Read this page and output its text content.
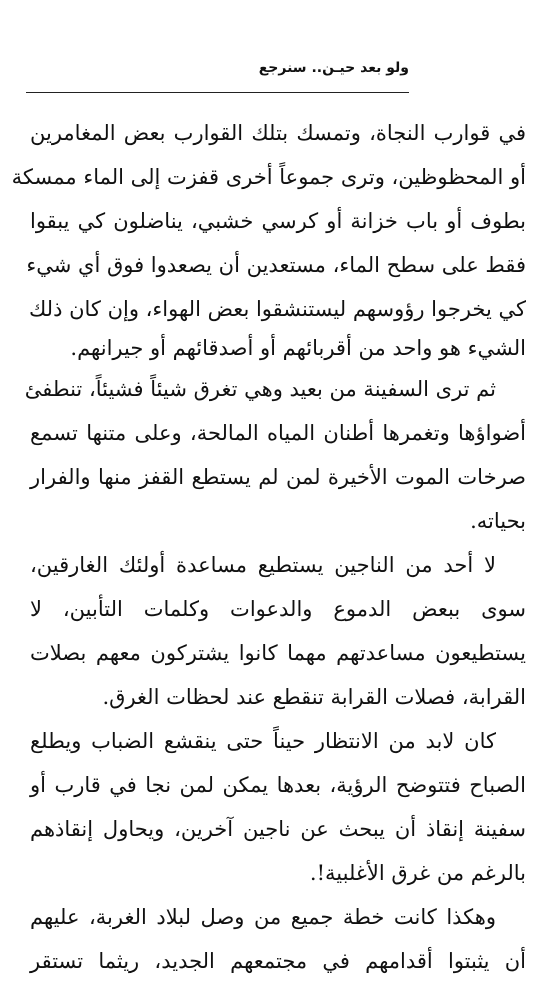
ولو بعد حيـن.. سنرجع
في قوارب النجاة، وتمسك بتلك القوارب بعض المغامرين
أو المحظوظين، وترى جموعاً أخرى قفزت إلى الماء ممسكة
بطوف أو باب خزانة أو كرسي خشبي، يناضلون كي يبقوا
فقط على سطح الماء، مستعدين أن يصعدوا فوق أي شيء
كي يخرجوا رؤوسهم ليستنشقوا بعض الهواء، وإن كان ذلك
الشيء هو واحد من أقربائهم أو أصدقائهم أو جيرانهم.
ثم ترى السفينة من بعيد وهي تغرق شيئاً فشيئاً، تنطفئ
أضواؤها وتغمرها أطنان المياه المالحة، وعلى متنها تسمع
صرخات الموت الأخيرة لمن لم يستطع القفز منها والفرار
بحياته.
لا أحد من الناجين يستطيع مساعدة أولئك الغارقين،
سوى ببعض الدموع والدعوات وكلمات التأبين، لا
يستطيعون مساعدتهم مهما كانوا يشتركون معهم بصلات
القرابة، فصلات القرابة تنقطع عند لحظات الغرق.
كان لابد من الانتظار حيناً حتى ينقشع الضباب ويطلع
الصباح فتتوضح الرؤية، بعدها يمكن لمن نجا في قارب أو
سفينة إنقاذ أن يبحث عن ناجين آخرين، ويحاول إنقاذهم
بالرغم من غرق الأغلبية!.
وهكذا كانت خطة جميع من وصل لبلاد الغربة، عليهم
أن يثبتوا أقدامهم في مجتمعهم الجديد، ريثما تستقر
